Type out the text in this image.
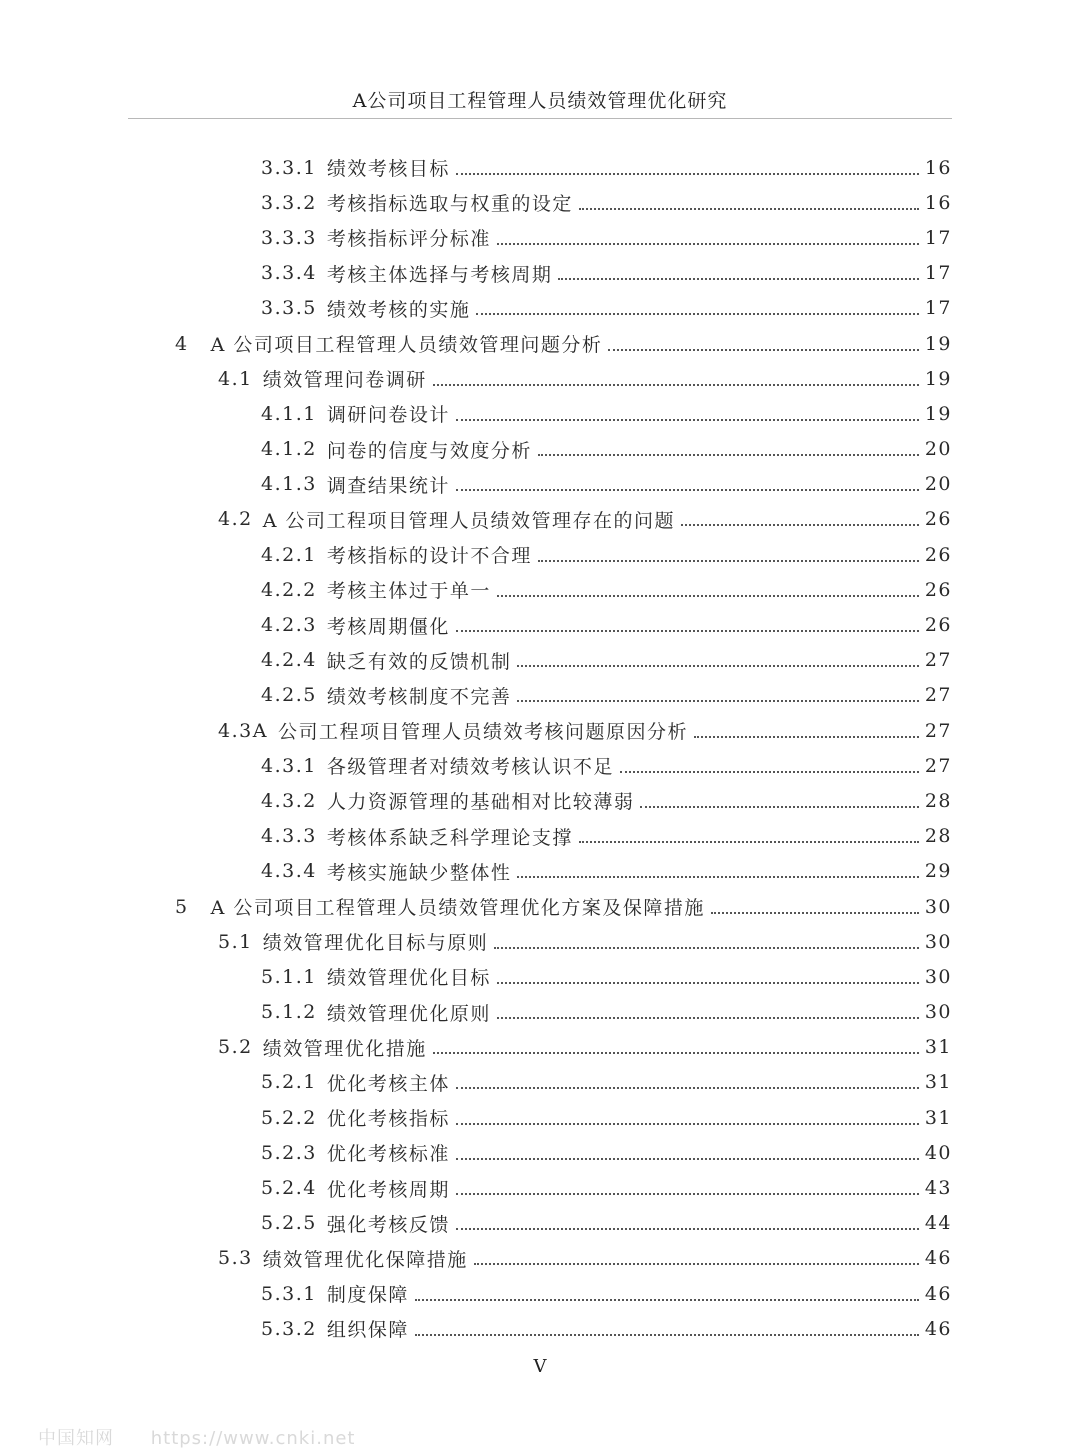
A公司项目工程管理人员绩效管理优化研究
3.3.1 绩效考核目标	16
3.3.2 考核指标选取与权重的设定	16
3.3.3 考核指标评分标准	17
3.3.4 考核主体选择与考核周期	17
3.3.5 绩效考核的实施	17
4 A 公司项目工程管理人员绩效管理问题分析	19
4.1 绩效管理问卷调研	19
4.1.1 调研问卷设计	19
4.1.2 问卷的信度与效度分析	20
4.1.3 调查结果统计	20
4.2 A 公司工程项目管理人员绩效管理存在的问题	26
4.2.1 考核指标的设计不合理	26
4.2.2 考核主体过于单一	26
4.2.3 考核周期僵化	26
4.2.4 缺乏有效的反馈机制	27
4.2.5 绩效考核制度不完善	27
4.3A 公司工程项目管理人员绩效考核问题原因分析	27
4.3.1 各级管理者对绩效考核认识不足	27
4.3.2 人力资源管理的基础相对比较薄弱	28
4.3.3 考核体系缺乏科学理论支撑	28
4.3.4 考核实施缺少整体性	29
5 A 公司项目工程管理人员绩效管理优化方案及保障措施	30
5.1 绩效管理优化目标与原则	30
5.1.1 绩效管理优化目标	30
5.1.2 绩效管理优化原则	30
5.2 绩效管理优化措施	31
5.2.1 优化考核主体	31
5.2.2 优化考核指标	31
5.2.3 优化考核标准	40
5.2.4 优化考核周期	43
5.2.5 强化考核反馈	44
5.3 绩效管理优化保障措施	46
5.3.1 制度保障	46
5.3.2 组织保障	46
V
中国知网 https://www.cnki.net
